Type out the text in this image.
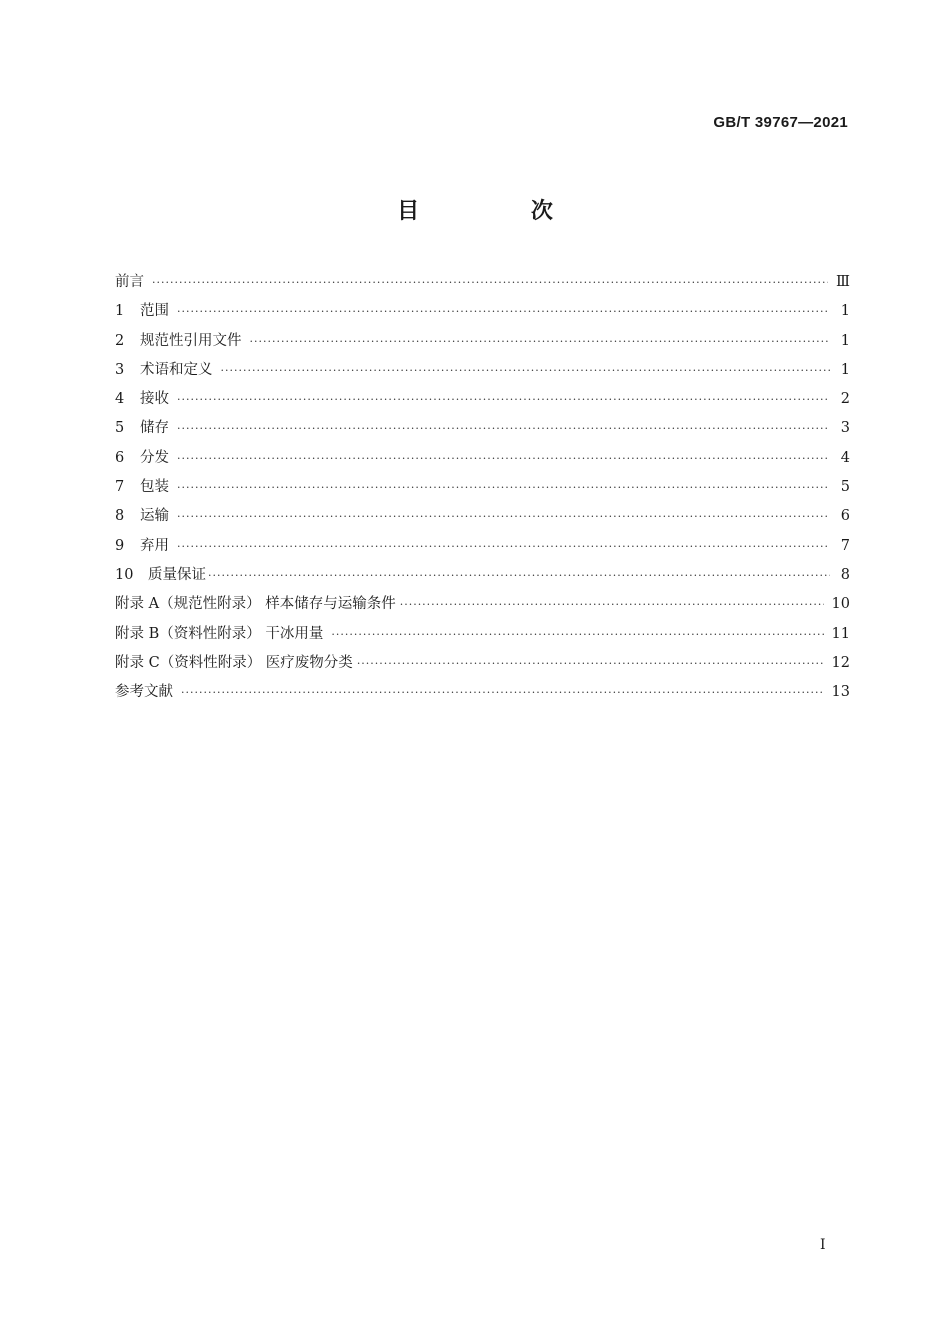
GB/T 39767—2021
目 次
前言 ·····	Ⅲ
1	范围 ·····	1
2	规范性引用文件 ·····	1
3	术语和定义 ·····	1
4	接收 ·····	2
5	储存 ·····	3
6	分发 ·····	4
7	包装 ·····	5
8	运输 ·····	6
9	弃用 ·····	7
10	质量保证 ·····	8
附录 A（规范性附录） 样本储存与运输条件 ·····	10
附录 B（资料性附录） 干冰用量 ·····	11
附录 C（资料性附录） 医疗废物分类 ·····	12
参考文献 ·····	13
I
